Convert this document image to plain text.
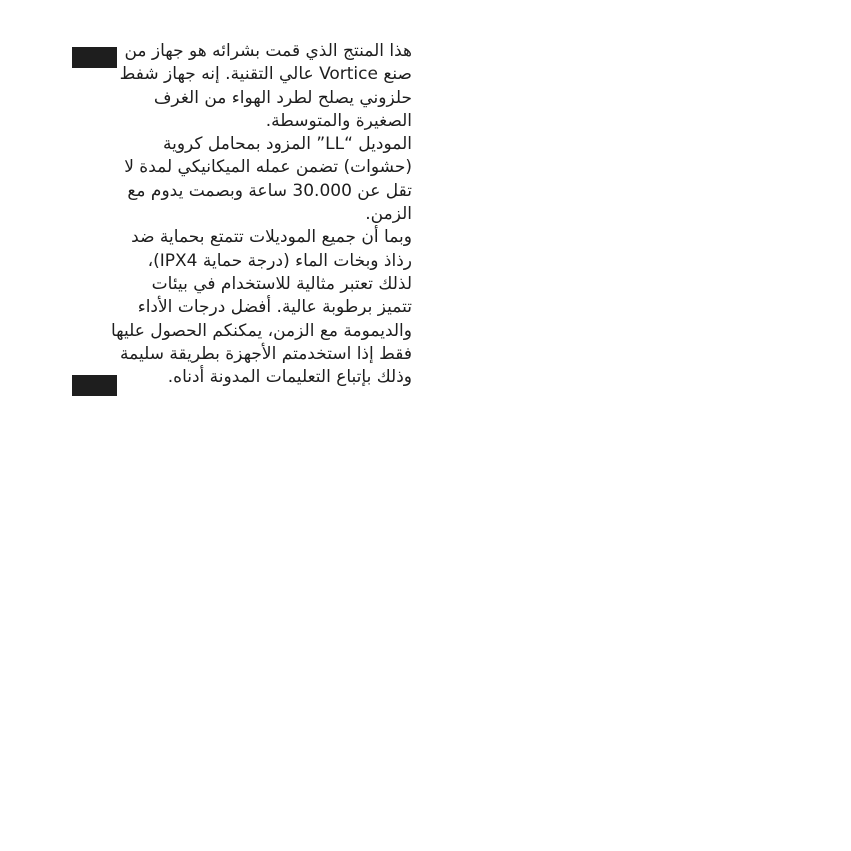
هذا المنتج الذي قمت بشرائه هو جهاز من
صنع Vortice عالي التقنية. إنه جهاز شفط
حلزوني يصلح لطرد الهواء من الغرف
الصغيرة والمتوسطة.
الموديل “LL” المزود بمحامل كروية
(حشوات) تضمن عمله الميكانيكي لمدة لا
تقل عن 30.000 ساعة وبصمت يدوم مع
الزمن.
وبما أن جميع الموديلات تتمتع بحماية ضد
رذاذ وبخات الماء (درجة حماية IPX4)،
لذلك تعتبر مثالية للاستخدام في بيئات
تتميز برطوبة عالية. أفضل درجات الأداء
والديمومة مع الزمن، يمكنكم الحصول عليها
فقط إذا استخدمتم الأجهزة بطريقة سليمة
وذلك بإتباع التعليمات المدونة أدناه.
